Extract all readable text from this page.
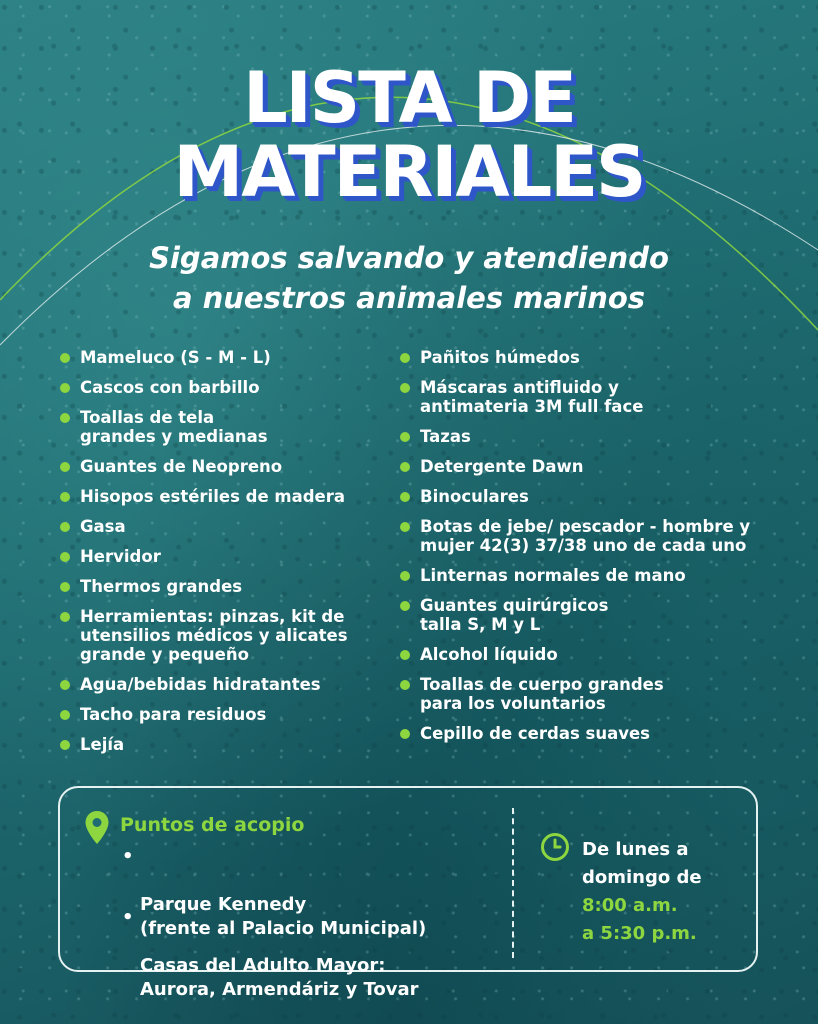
LISTA DE
MATERIALES
Sigamos salvando y atendiendo
a nuestros animales marinos
Mameluco (S - M - L)
Cascos con barbillo
Toallas de tela
grandes y medianas
Guantes de Neopreno
Hisopos estériles de madera
Gasa
Hervidor
Thermos grandes
Herramientas: pinzas, kit de
utensilios médicos y alicates
grande y pequeño
Agua/bebidas hidratantes
Tacho para residuos
Lejía
Pañitos húmedos
Máscaras antifluido y
antimateria 3M full face
Tazas
Detergente Dawn
Binoculares
Botas de jebe/ pescador - hombre y
mujer 42(3) 37/38 uno de cada uno
Linternas normales de mano
Guantes quirúrgicos
talla S, M y L
Alcohol líquido
Toallas de cuerpo grandes
para los voluntarios
Cepillo de cerdas suaves
Puntos de acopio

•

Parque Kennedy
(frente al Palacio Municipal)

•

Casas del Adulto Mayor:
Aurora, Armendáriz y Tovar

De lunes a
domingo de
8:00 a.m.
a 5:30 p.m.
